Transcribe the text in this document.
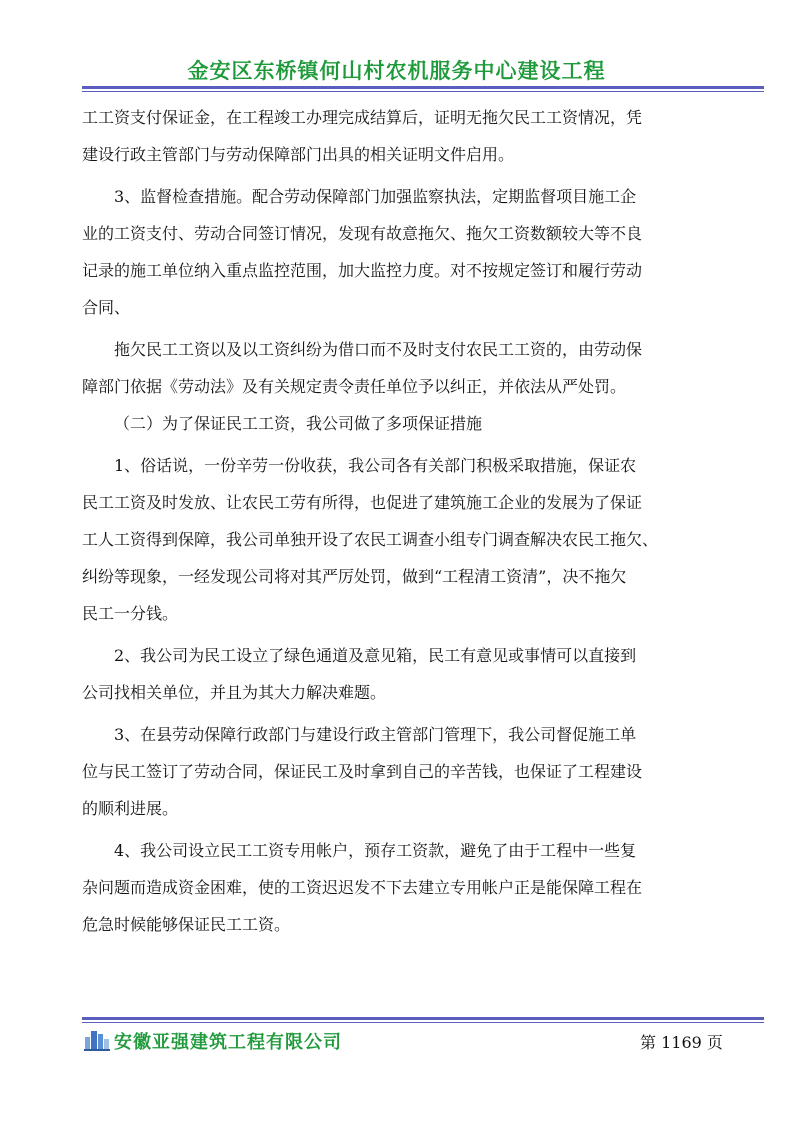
金安区东桥镇何山村农机服务中心建设工程
工工资支付保证金，在工程竣工办理完成结算后，证明无拖欠民工工资情况，凭
建设行政主管部门与劳动保障部门出具的相关证明文件启用。
3、监督检查措施。配合劳动保障部门加强监察执法，定期监督项目施工企
业的工资支付、劳动合同签订情况，发现有故意拖欠、拖欠工资数额较大等不良
记录的施工单位纳入重点监控范围，加大监控力度。对不按规定签订和履行劳动
合同、
拖欠民工工资以及以工资纠纷为借口而不及时支付农民工工资的，由劳动保
障部门依据《劳动法》及有关规定责令责任单位予以纠正，并依法从严处罚。
（二）为了保证民工工资，我公司做了多项保证措施
1、俗话说，一份辛劳一份收获，我公司各有关部门积极采取措施，保证农
民工工资及时发放、让农民工劳有所得，也促进了建筑施工企业的发展为了保证
工人工资得到保障，我公司单独开设了农民工调查小组专门调查解决农民工拖欠、
纠纷等现象，一经发现公司将对其严厉处罚，做到“工程清工资清”，决不拖欠
民工一分钱。
2、我公司为民工设立了绿色通道及意见箱，民工有意见或事情可以直接到
公司找相关单位，并且为其大力解决难题。
3、在县劳动保障行政部门与建设行政主管部门管理下，我公司督促施工单
位与民工签订了劳动合同，保证民工及时拿到自己的辛苦钱，也保证了工程建设
的顺利进展。
4、我公司设立民工工资专用帐户，预存工资款，避免了由于工程中一些复
杂问题而造成资金困难，使的工资迟迟发不下去建立专用帐户正是能保障工程在
危急时候能够保证民工工资。
安徽亚强建筑工程有限公司	第 1169 页
